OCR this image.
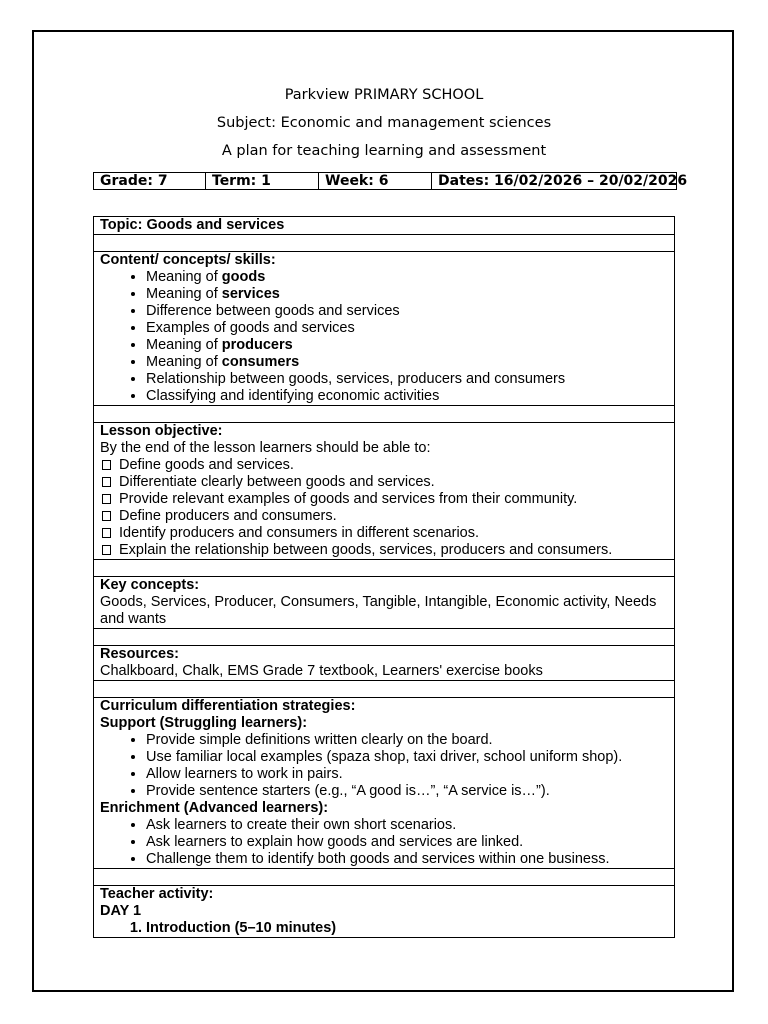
Parkview PRIMARY SCHOOL
Subject: Economic and management sciences
A plan for teaching learning and assessment
Grade: 7	Term: 1	Week: 6	Dates: 16/02/2026 – 20/02/2026
Topic: Goods and services
Content/ concepts/ skills:
• Meaning of goods
• Meaning of services
• Difference between goods and services
• Examples of goods and services
• Meaning of producers
• Meaning of consumers
• Relationship between goods, services, producers and consumers
• Classifying and identifying economic activities
Lesson objective:
By the end of the lesson learners should be able to:
Define goods and services.
Differentiate clearly between goods and services.
Provide relevant examples of goods and services from their community.
Define producers and consumers.
Identify producers and consumers in different scenarios.
Explain the relationship between goods, services, producers and consumers.
Key concepts:
Goods, Services, Producer, Consumers, Tangible, Intangible, Economic activity, Needs and wants
Resources:
Chalkboard, Chalk, EMS Grade 7 textbook, Learners' exercise books
Curriculum differentiation strategies:
Support (Struggling learners):
• Provide simple definitions written clearly on the board.
• Use familiar local examples (spaza shop, taxi driver, school uniform shop).
• Allow learners to work in pairs.
• Provide sentence starters (e.g., “A good is…”, “A service is…”).
Enrichment (Advanced learners):
• Ask learners to create their own short scenarios.
• Ask learners to explain how goods and services are linked.
• Challenge them to identify both goods and services within one business.
Teacher activity:
DAY 1
1. Introduction (5–10 minutes)
